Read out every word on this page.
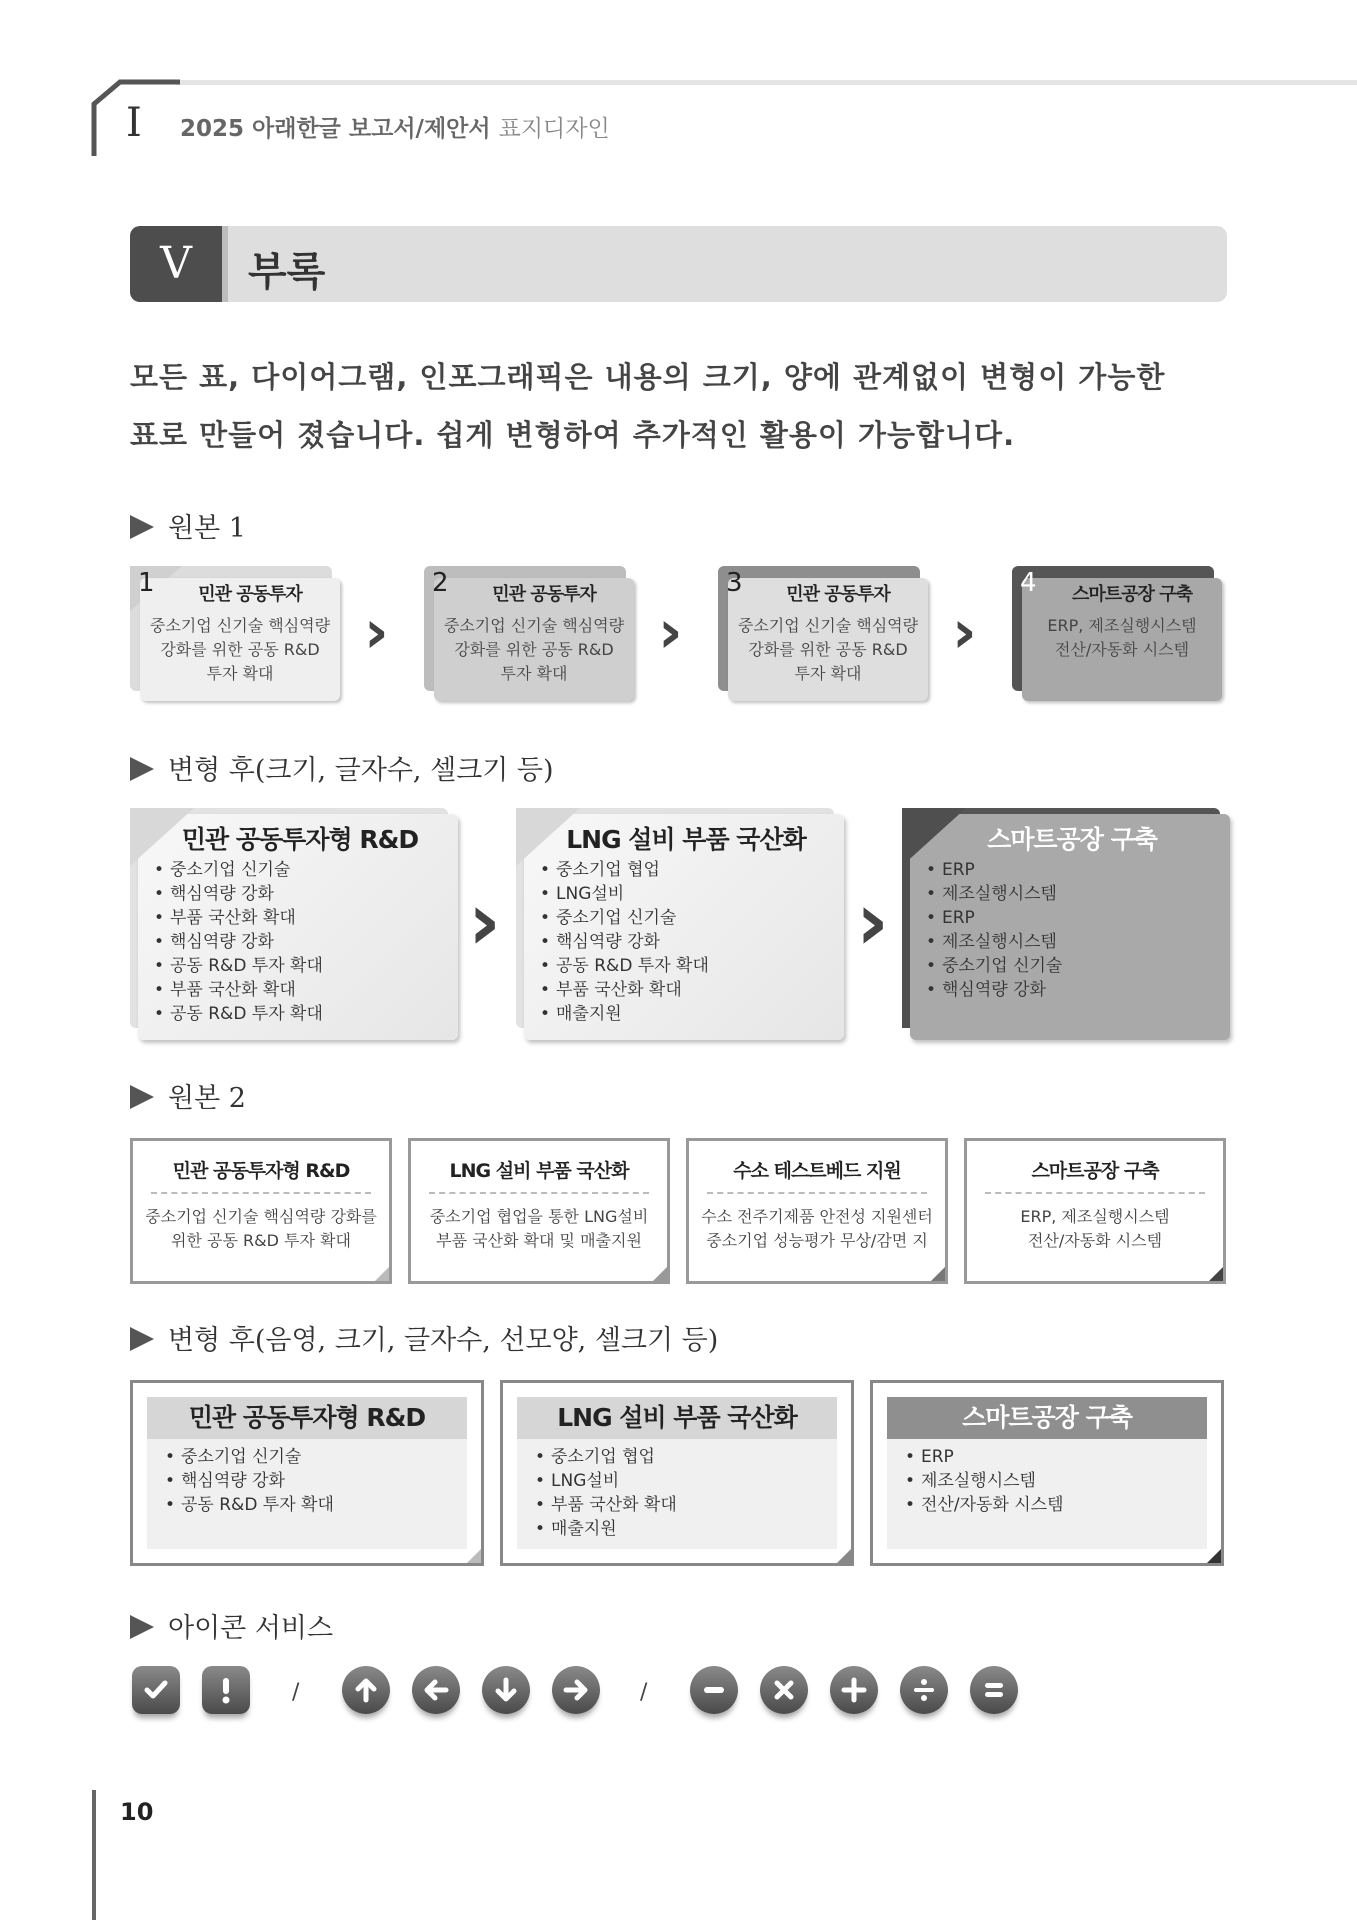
I 2025 아래한글 보고서/제안서 표지디자인
V	부록
모든 표, 다이어그램, 인포그래픽은 내용의 크기, 양에 관계없이 변형이 가능한
표로 만들어 졌습니다. 쉽게 변형하여 추가적인 활용이 가능합니다.
원본 1
1	민관 공동투자
중소기업 신기술 핵심역량
강화를 위한 공동 R&D
투자 확대
›
2	민관 공동투자
중소기업 신기술 핵심역량
강화를 위한 공동 R&D
투자 확대
›
3	민관 공동투자
중소기업 신기술 핵심역량
강화를 위한 공동 R&D
투자 확대
›
4	스마트공장 구축
ERP, 제조실행시스템
전산/자동화 시스템
변형 후(크기, 글자수, 셀크기 등)
민관 공동투자형 R&D
• 중소기업 신기술
• 핵심역량 강화
• 부품 국산화 확대
• 핵심역량 강화
• 공동 R&D 투자 확대
• 부품 국산화 확대
• 공동 R&D 투자 확대
›
LNG 설비 부품 국산화
• 중소기업 협업
• LNG설비
• 중소기업 신기술
• 핵심역량 강화
• 공동 R&D 투자 확대
• 부품 국산화 확대
• 매출지원
›
스마트공장 구축
• ERP
• 제조실행시스템
• ERP
• 제조실행시스템
• 중소기업 신기술
• 핵심역량 강화
원본 2
민관 공동투자형 R&D
중소기업 신기술 핵심역량 강화를
위한 공동 R&D 투자 확대
LNG 설비 부품 국산화
중소기업 협업을 통한 LNG설비
부품 국산화 확대 및 매출지원
수소 테스트베드 지원
수소 전주기제품 안전성 지원센터
중소기업 성능평가 무상/감면 지
스마트공장 구축
ERP, 제조실행시스템
전산/자동화 시스템
변형 후(음영, 크기, 글자수, 선모양, 셀크기 등)
민관 공동투자형 R&D
• 중소기업 신기술
• 핵심역량 강화
• 공동 R&D 투자 확대
LNG 설비 부품 국산화
• 중소기업 협업
• LNG설비
• 부품 국산화 확대
• 매출지원
스마트공장 구축
• ERP
• 제조실행시스템
• 전산/자동화 시스템
아이콘 서비스
/	/
10
